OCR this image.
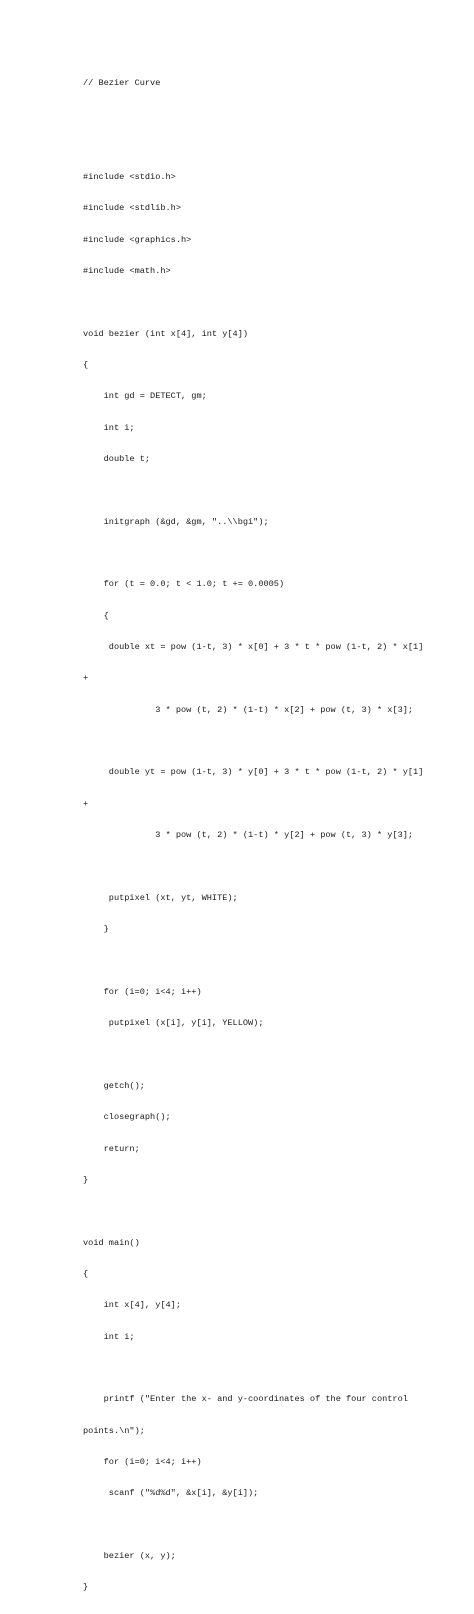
// Bezier Curve

#include <stdio.h>

#include <stdlib.h>

#include <graphics.h>

#include <math.h>

void bezier (int x[4], int y[4])

{

int gd = DETECT, gm;

int i;

double t;

initgraph (&gd, &gm, "..\\bgi");

for (t = 0.0; t < 1.0; t += 0.0005)

{

double xt = pow (1-t, 3) * x[0] + 3 * t * pow (1-t, 2) * x[1]

+

3 * pow (t, 2) * (1-t) * x[2] + pow (t, 3) * x[3];

double yt = pow (1-t, 3) * y[0] + 3 * t * pow (1-t, 2) * y[1]

+

3 * pow (t, 2) * (1-t) * y[2] + pow (t, 3) * y[3];

putpixel (xt, yt, WHITE);

}

for (i=0; i<4; i++)

putpixel (x[i], y[i], YELLOW);

getch();

closegraph();

return;

}

void main()

{

int x[4], y[4];

int i;

printf ("Enter the x- and y-coordinates of the four control

points.\n");

for (i=0; i<4; i++)

scanf ("%d%d", &x[i], &y[i]);

bezier (x, y);

}
